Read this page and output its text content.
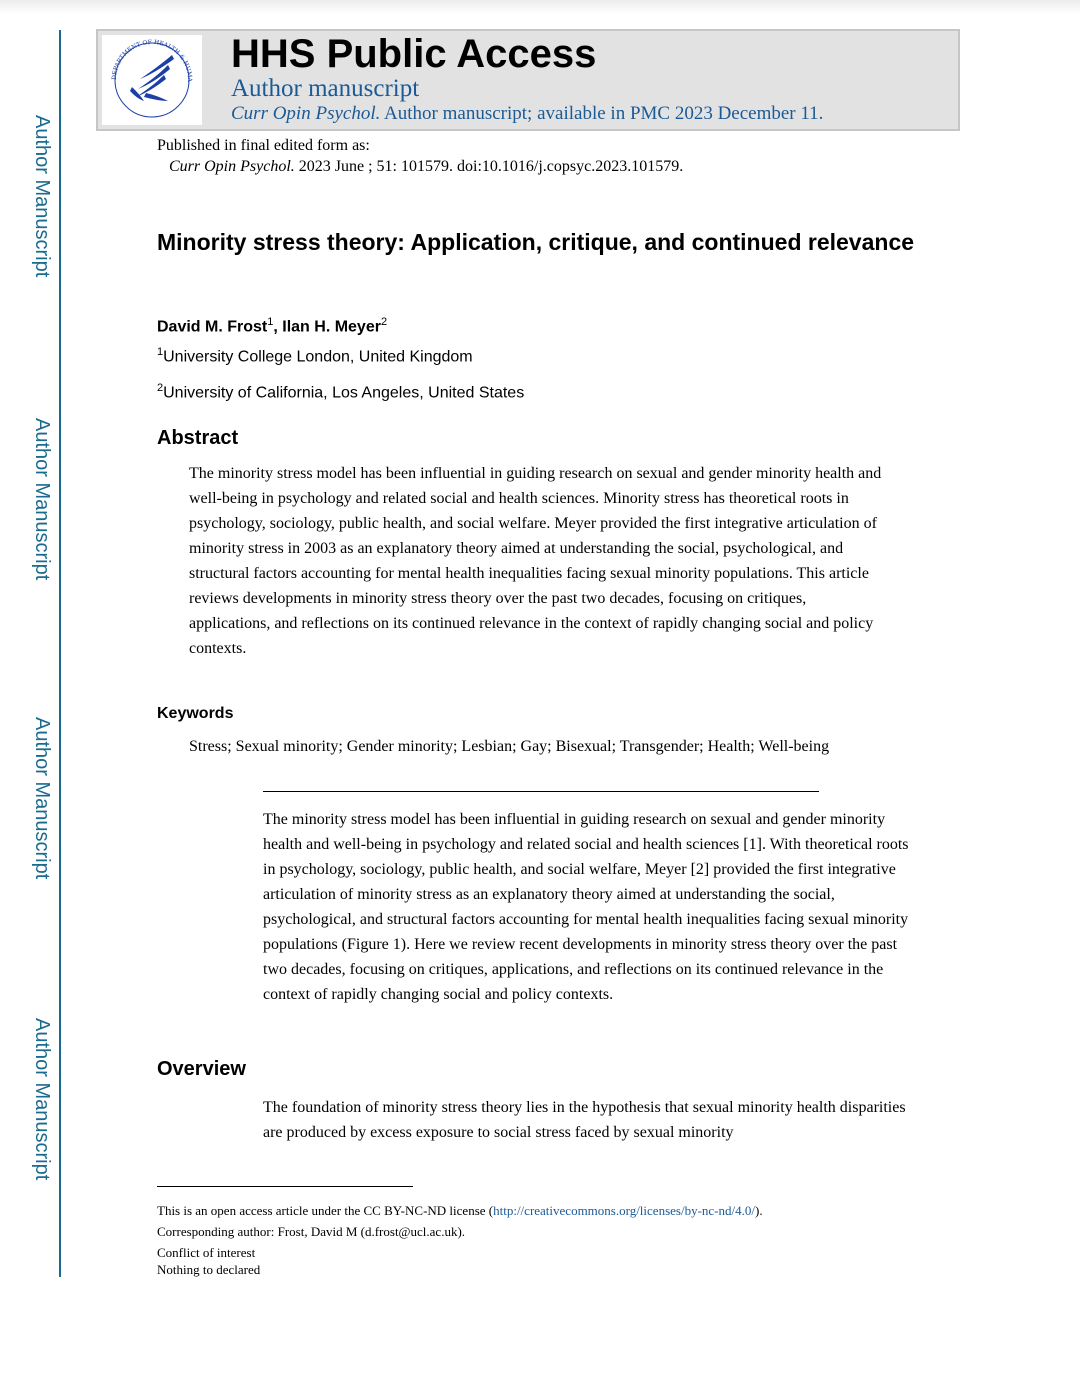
Author Manuscript
Author Manuscript
Author Manuscript
Author Manuscript
DEPARTMENT OF HEALTH & HUMA
HHS Public Access
Author manuscript
Curr Opin Psychol. Author manuscript; available in PMC 2023 December 11.
Published in final edited form as:
Curr Opin Psychol. 2023 June ; 51: 101579. doi:10.1016/j.copsyc.2023.101579.
Minority stress theory: Application, critique, and continued relevance
David M. Frost$^1$, Ilan H. Meyer$^2$
$^1$University College London, United Kingdom
$^2$University of California, Los Angeles, United States
Abstract
The minority stress model has been influential in guiding research on sexual and gender minority health and well-being in psychology and related social and health sciences. Minority stress has theoretical roots in psychology, sociology, public health, and social welfare. Meyer provided the first integrative articulation of minority stress in 2003 as an explanatory theory aimed at understanding the social, psychological, and structural factors accounting for mental health inequalities facing sexual minority populations. This article reviews developments in minority stress theory over the past two decades, focusing on critiques, applications, and reflections on its continued relevance in the context of rapidly changing social and policy contexts.
Keywords
Stress; Sexual minority; Gender minority; Lesbian; Gay; Bisexual; Transgender; Health; Well-being
The minority stress model has been influential in guiding research on sexual and gender minority health and well-being in psychology and related social and health sciences [1]. With theoretical roots in psychology, sociology, public health, and social welfare, Meyer [2] provided the first integrative articulation of minority stress as an explanatory theory aimed at understanding the social, psychological, and structural factors accounting for mental health inequalities facing sexual minority populations (Figure 1). Here we review recent developments in minority stress theory over the past two decades, focusing on critiques, applications, and reflections on its continued relevance in the context of rapidly changing social and policy contexts.
Overview
The foundation of minority stress theory lies in the hypothesis that sexual minority health disparities are produced by excess exposure to social stress faced by sexual minority
This is an open access article under the CC BY-NC-ND license (http://creativecommons.org/licenses/by-nc-nd/4.0/).
Corresponding author: Frost, David M (d.frost@ucl.ac.uk).
Conflict of interest
Nothing to declared
